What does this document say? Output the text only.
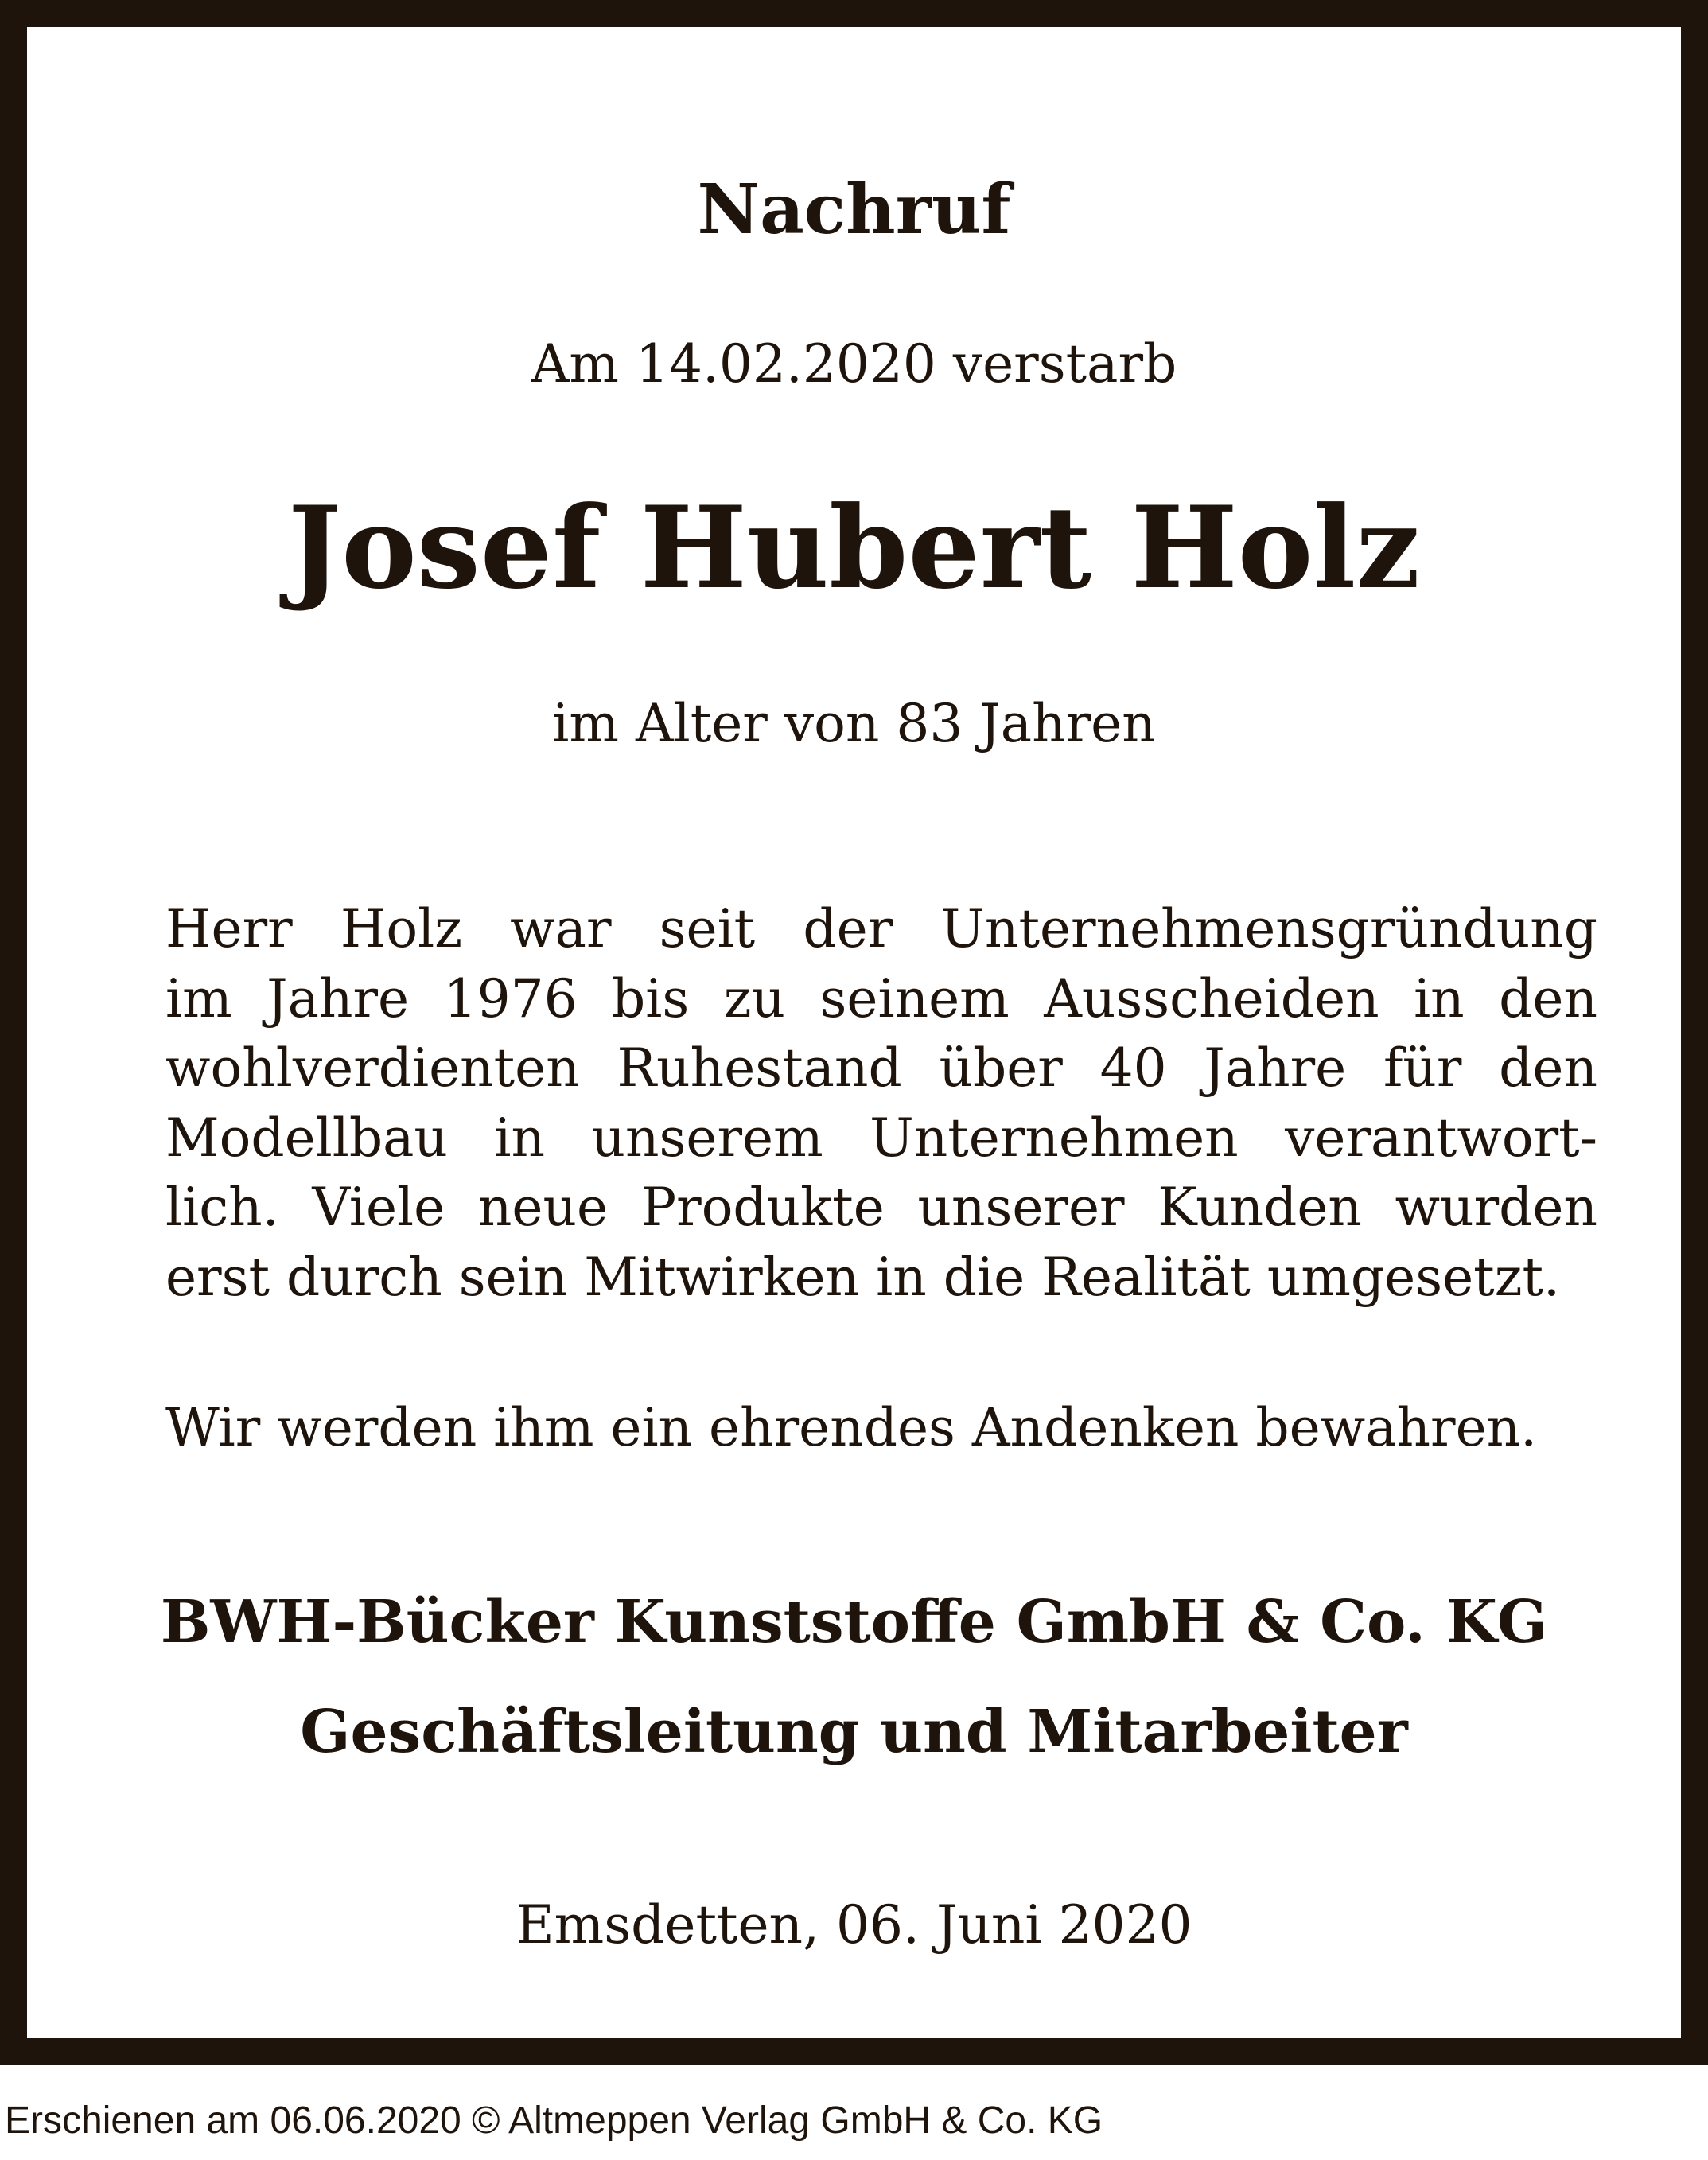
Nachruf
Am 14.02.2020 verstarb
Josef Hubert Holz
im Alter von 83 Jahren
Herr Holz war seit der Unternehmensgründung
im Jahre 1976 bis zu seinem Ausscheiden in den
wohlverdienten Ruhestand über 40 Jahre für den
Modellbau in unserem Unternehmen verantwort-
lich. Viele neue Produkte unserer Kunden wurden
erst durch sein Mitwirken in die Realität umgesetzt.
Wir werden ihm ein ehrendes Andenken bewahren.
BWH-Bücker Kunststoffe GmbH & Co. KG
Geschäftsleitung und Mitarbeiter
Emsdetten, 06. Juni 2020
Erschienen am 06.06.2020 © Altmeppen Verlag GmbH & Co. KG
